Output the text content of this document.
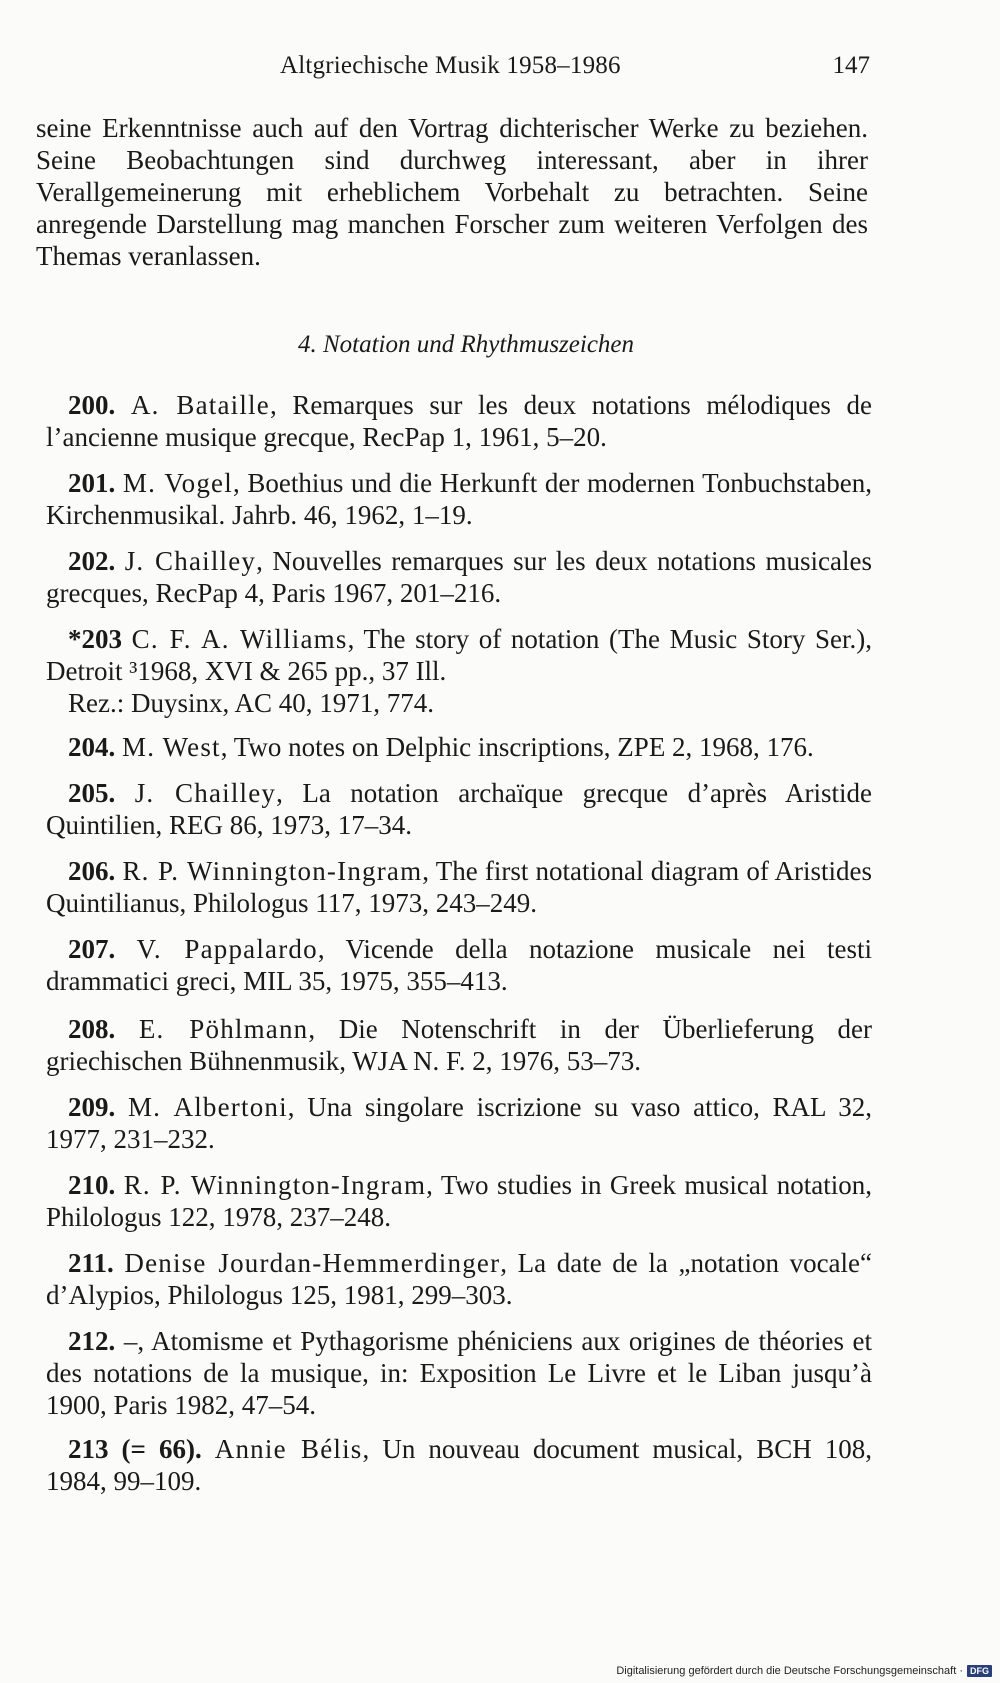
Altgriechische Musik 1958–1986	147

seine Erkenntnisse auch auf den Vortrag dichterischer Werke zu beziehen. Seine Beobachtungen sind durchweg interessant, aber in ihrer Verallgemeinerung mit erheblichem Vorbehalt zu betrachten. Seine anregende Darstellung mag manchen Forscher zum weiteren Verfolgen des Themas veranlassen.

4. Notation und Rhythmuszeichen

200. A. Bataille, Remarques sur les deux notations mélodiques de l’ancienne musique grecque, RecPap 1, 1961, 5–20.

201. M. Vogel, Boethius und die Herkunft der modernen Tonbuchstaben, Kirchenmusikal. Jahrb. 46, 1962, 1–19.

202. J. Chailley, Nouvelles remarques sur les deux notations musicales grecques, RecPap 4, Paris 1967, 201–216.

*203 C. F. A. Williams, The story of notation (The Music Story Ser.), Detroit ³1968, XVI & 265 pp., 37 Ill.

Rez.: Duysinx, AC 40, 1971, 774.

204. M. West, Two notes on Delphic inscriptions, ZPE 2, 1968, 176.

205. J. Chailley, La notation archaïque grecque d’après Aristide Quintilien, REG 86, 1973, 17–34.

206. R. P. Winnington-Ingram, The first notational diagram of Aristides Quintilianus, Philologus 117, 1973, 243–249.

207. V. Pappalardo, Vicende della notazione musicale nei testi drammatici greci, MIL 35, 1975, 355–413.

208. E. Pöhlmann, Die Notenschrift in der Überlieferung der griechischen Bühnenmusik, WJA N. F. 2, 1976, 53–73.

209. M. Albertoni, Una singolare iscrizione su vaso attico, RAL 32, 1977, 231–232.

210. R. P. Winnington-Ingram, Two studies in Greek musical notation, Philologus 122, 1978, 237–248.

211. Denise Jourdan-Hemmerdinger, La date de la „notation vocale“ d’Alypios, Philologus 125, 1981, 299–303.

212. –, Atomisme et Pythagorisme phéniciens aux origines de théories et des notations de la musique, in: Exposition Le Livre et le Liban jusqu’à 1900, Paris 1982, 47–54.

213 (= 66). Annie Bélis, Un nouveau document musical, BCH 108, 1984, 99–109.

Digitalisierung gefördert durch die Deutsche Forschungsgemeinschaft · DFG
